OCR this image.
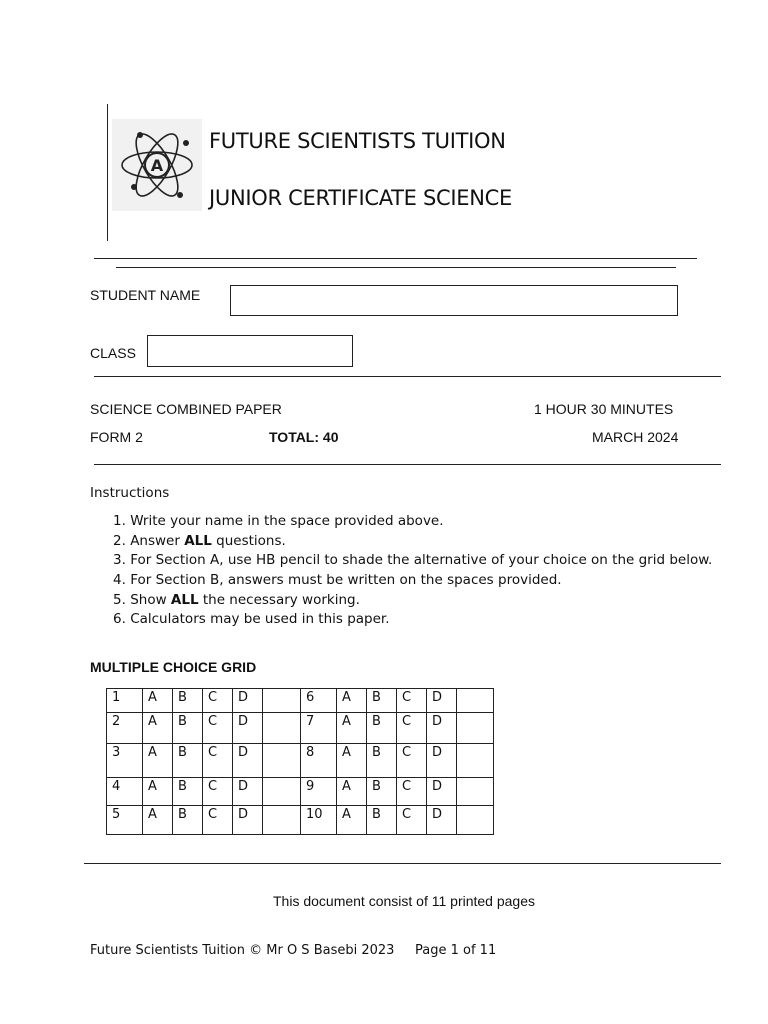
A
FUTURE SCIENTISTS TUITION
JUNIOR CERTIFICATE SCIENCE
STUDENT NAME
CLASS
SCIENCE COMBINED PAPER	1 HOUR 30 MINUTES
FORM 2	TOTAL: 40	MARCH 2024
Instructions
1. Write your name in the space provided above.
2. Answer ALL questions.
3. For Section A, use HB pencil to shade the alternative of your choice on the grid below.
4. For Section B, answers must be written on the spaces provided.
5. Show ALL the necessary working.
6. Calculators may be used in this paper.
MULTIPLE CHOICE GRID
1	A	B	C	D		6	A	B	C	D	
2	A	B	C	D		7	A	B	C	D	
3	A	B	C	D		8	A	B	C	D	
4	A	B	C	D		9	A	B	C	D	
5	A	B	C	D		10	A	B	C	D	
This document consist of 11 printed pages
Future Scientists Tuition © Mr O S Basebi 2023 Page 1 of 11
